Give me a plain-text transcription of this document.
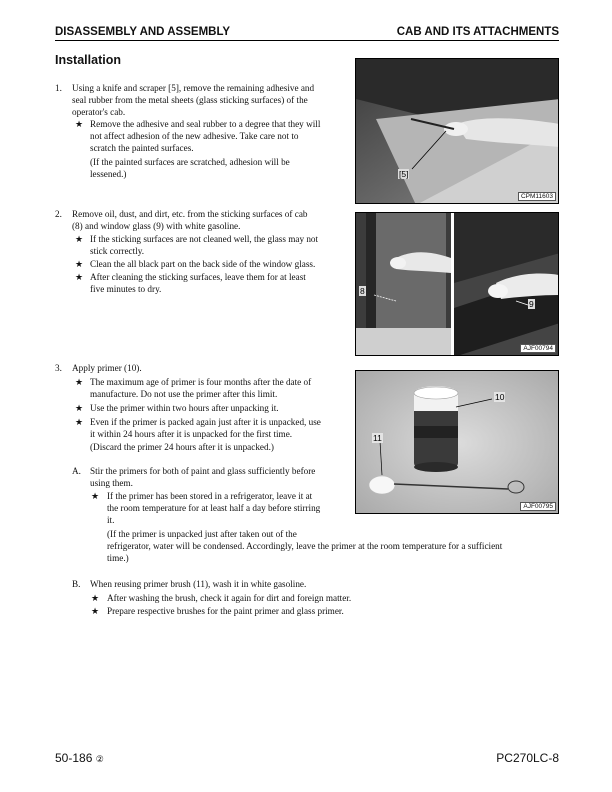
DISASSEMBLY AND ASSEMBLY	CAB AND ITS ATTACHMENTS
Installation
1. Using a knife and scraper [5], remove the remaining adhesive and
seal rubber from the metal sheets (glass sticking surfaces) of the
operator's cab.
★ Remove the adhesive and seal rubber to a degree that they will
not affect adhesion of the new adhesive. Take care not to
scratch the painted surfaces.
(If the painted surfaces are scratched, adhesion will be
lessened.)	[5]
CPM11603
2. Remove oil, dust, and dirt, etc. from the sticking surfaces of cab
(8) and window glass (9) with white gasoline.
★ If the sticking surfaces are not cleaned well, the glass may not
stick correctly.
★ Clean the all black part on the back side of the window glass.
★ After cleaning the sticking surfaces, leave them for at least
five minutes to dry.	8
9
AJF00794
3. Apply primer (10).
★ The maximum age of primer is four months after the date of
manufacture. Do not use the primer after this limit.
★ Use the primer within two hours after unpacking it.
★ Even if the primer is packed again just after it is unpacked, use
it within 24 hours after it is unpacked for the first time.
(Discard the primer 24 hours after it is unpacked.)
A. Stir the primers for both of paint and glass sufficiently before
using them.
★ If the primer has been stored in a refrigerator, leave it at
the room temperature for at least half a day before stirring
it.
(If the primer is unpacked just after taken out of the
refrigerator, water will be condensed. Accordingly, leave the primer at the room temperature for a sufficient
time.)
10
11
AJF00795
B. When reusing primer brush (11), wash it in white gasoline.
★ After washing the brush, check it again for dirt and foreign matter.
★ Prepare respective brushes for the paint primer and glass primer.
50-186 ②	PC270LC-8
